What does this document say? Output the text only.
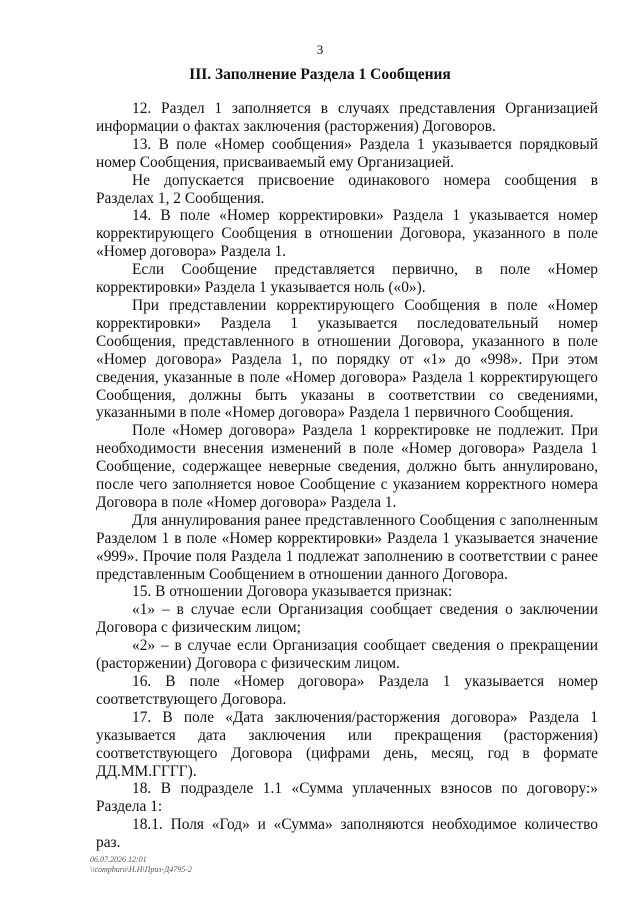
3
III. Заполнение Раздела 1 Сообщения

12. Раздел 1 заполняется в случаях представления Организацией информации о фактах заключения (расторжения) Договоров.

13. В поле «Номер сообщения» Раздела 1 указывается порядковый номер Сообщения, присваиваемый ему Организацией.

Не допускается присвоение одинакового номера сообщения в Разделах 1, 2 Сообщения.

14. В поле «Номер корректировки» Раздела 1 указывается номер корректирующего Сообщения в отношении Договора, указанного в поле «Номер договора» Раздела 1.

Если Сообщение представляется первично, в поле «Номер корректировки» Раздела 1 указывается ноль («0»).

При представлении корректирующего Сообщения в поле «Номер корректировки» Раздела 1 указывается последовательный номер Сообщения, представленного в отношении Договора, указанного в поле «Номер договора» Раздела 1, по порядку от «1» до «998». При этом сведения, указанные в поле «Номер договора» Раздела 1 корректирующего Сообщения, должны быть указаны в соответствии со сведениями, указанными в поле «Номер договора» Раздела 1 первичного Сообщения.

Поле «Номер договора» Раздела 1 корректировке не подлежит. При необходимости внесения изменений в поле «Номер договора» Раздела 1 Сообщение, содержащее неверные сведения, должно быть аннулировано, после чего заполняется новое Сообщение с указанием корректного номера Договора в поле «Номер договора» Раздела 1.

Для аннулирования ранее представленного Сообщения с заполненным Разделом 1 в поле «Номер корректировки» Раздела 1 указывается значение «999». Прочие поля Раздела 1 подлежат заполнению в соответствии с ранее представленным Сообщением в отношении данного Договора.

15. В отношении Договора указывается признак:

«1» – в случае если Организация сообщает сведения о заключении Договора с физическим лицом;

«2» – в случае если Организация сообщает сведения о прекращении (расторжении) Договора с физическим лицом.

16. В поле «Номер договора» Раздела 1 указывается номер соответствующего Договора.

17. В поле «Дата заключения/расторжения договора» Раздела 1 указывается дата заключения или прекращения (расторжения) соответствующего Договора (цифрами день, месяц, год в формате ДД.ММ.ГГГГ).

18. В подразделе 1.1 «Сумма уплаченных взносов по договору:» Раздела 1:

18.1. Поля «Год» и «Сумма» заполняются необходимое количество раз.

06.07.2026 12:01
\\compburo\Н.Н\Приз-Д4795-2
